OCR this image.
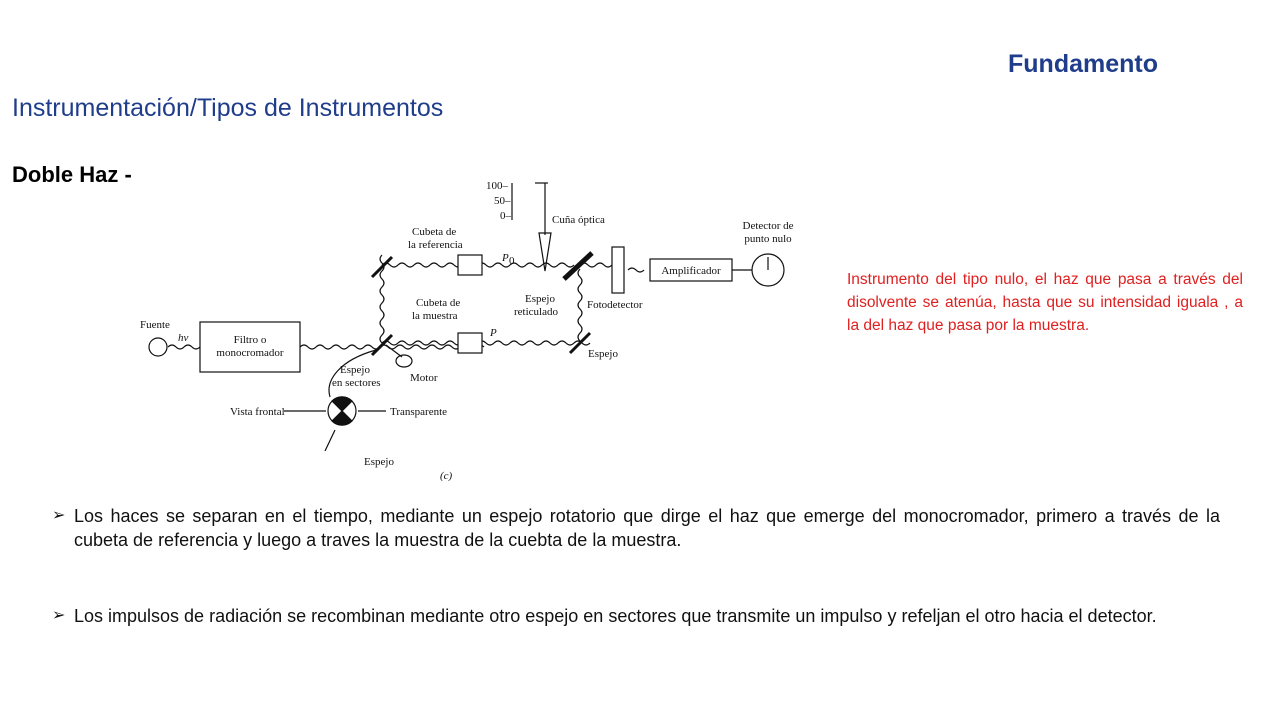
Fundamento
Instrumentación/Tipos de Instrumentos
Doble Haz -
Instrumento del tipo nulo, el haz que pasa a través del disolvente se atenúa, hasta que su intensidad iguala , a la del haz que pasa por la muestra.
➢ Los haces se separan en el tiempo, mediante un espejo rotatorio que dirge el haz que emerge del monocromador, primero a través de la cubeta de referencia y luego a traves la muestra de la cuebta de la muestra.
➢ Los impulsos de radiación se recombinan mediante otro espejo en sectores que transmite un impulso y refeljan el otro hacia el detector.
Fuente
hv	Filtro o
monocromador
100–
50–
0–	Cuña óptica
Cubeta de
la referencia
P 0
Cubeta de
la muestra
P
Espejo
reticulado
Fotodetector
Amplificador
Detector de
punto nulo
Espejo
Espejo
en sectores	Motor
Vista frontal	Transparente
Espejo
(c)
